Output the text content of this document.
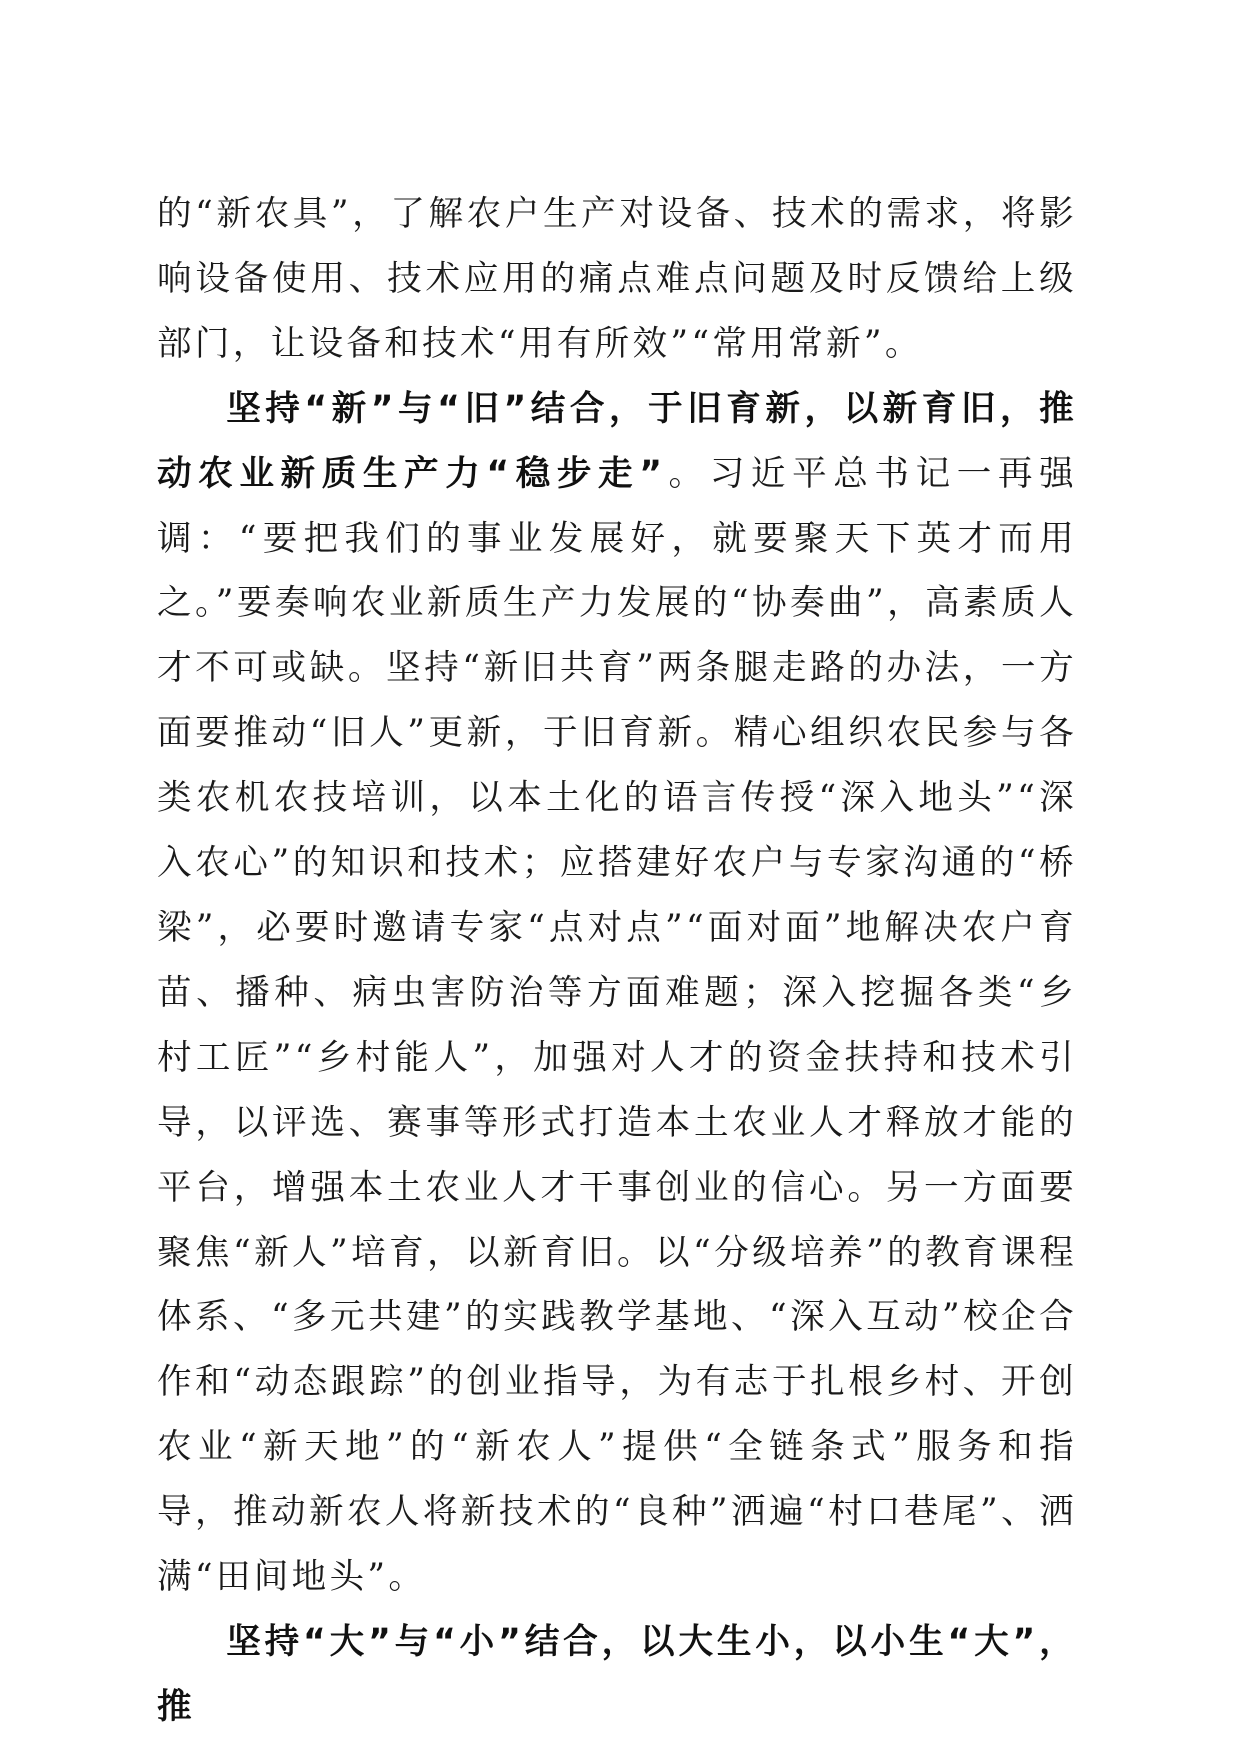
的“新农具”，了解农户生产对设备、技术的需求，将影响设备使用、技术应用的痛点难点问题及时反馈给上级部门，让设备和技术“用有所效”“常用常新”。

坚持“新”与“旧”结合，于旧育新，以新育旧，推动农业新质生产力“稳步走”。习近平总书记一再强调：“要把我们的事业发展好，就要聚天下英才而用之。”要奏响农业新质生产力发展的“协奏曲”，高素质人才不可或缺。坚持“新旧共育”两条腿走路的办法，一方面要推动“旧人”更新，于旧育新。精心组织农民参与各类农机农技培训，以本土化的语言传授“深入地头”“深入农心”的知识和技术；应搭建好农户与专家沟通的“桥梁”，必要时邀请专家“点对点”“面对面”地解决农户育苗、播种、病虫害防治等方面难题；深入挖掘各类“乡村工匠”“乡村能人”，加强对人才的资金扶持和技术引导，以评选、赛事等形式打造本土农业人才释放才能的平台，增强本土农业人才干事创业的信心。另一方面要聚焦“新人”培育，以新育旧。以“分级培养”的教育课程体系、“多元共建”的实践教学基地、“深入互动”校企合作和“动态跟踪”的创业指导，为有志于扎根乡村、开创农业“新天地”的“新农人”提供“全链条式”服务和指导，推动新农人将新技术的“良种”洒遍“村口巷尾”、洒满“田间地头”。

坚持“大”与“小”结合，以大生小，以小生“大”，推
